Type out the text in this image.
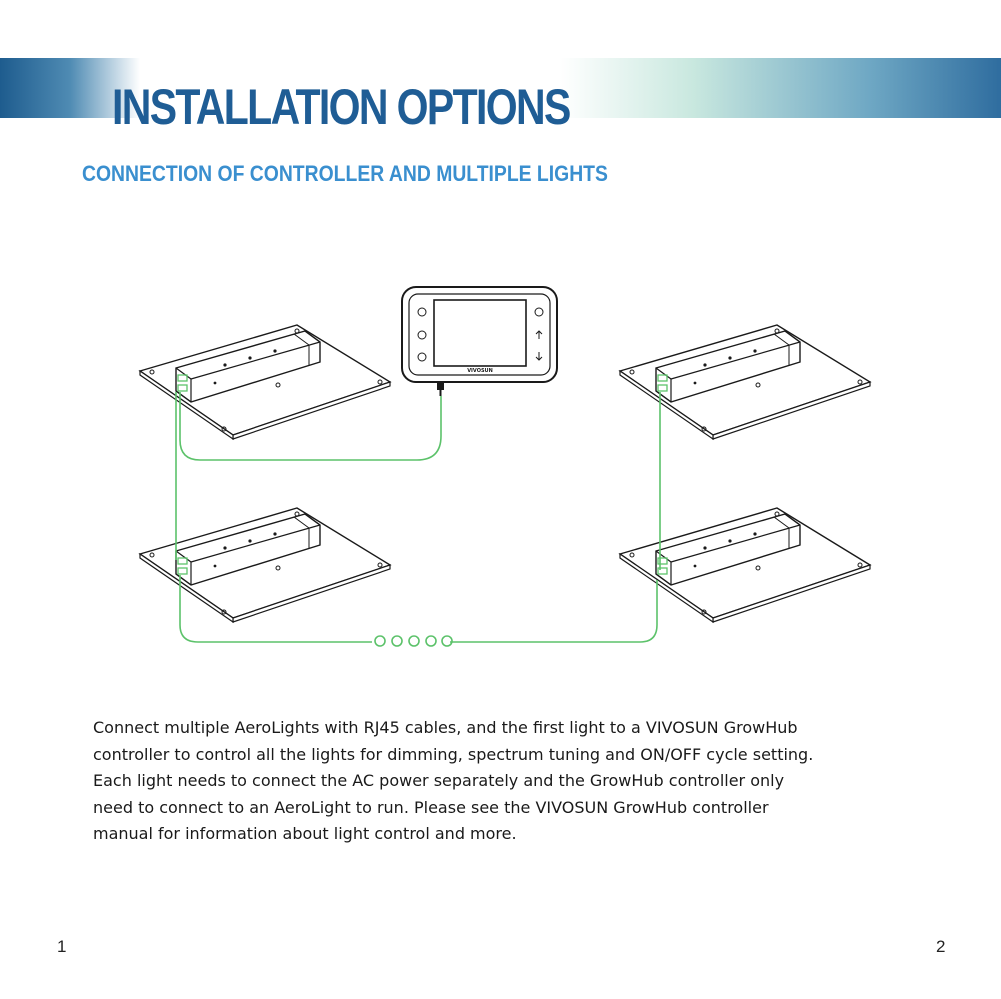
INSTALLATION OPTIONS
CONNECTION OF CONTROLLER AND MULTIPLE LIGHTS
VIVOSUN

Connect multiple AeroLights with RJ45 cables, and the first light to a VIVOSUN GrowHub
controller to control all the lights for dimming, spectrum tuning and ON/OFF cycle setting.
Each light needs to connect the AC power separately and the GrowHub controller only
need to connect to an AeroLight to run. Please see the VIVOSUN GrowHub controller
manual for information about light control and more.

1	2
